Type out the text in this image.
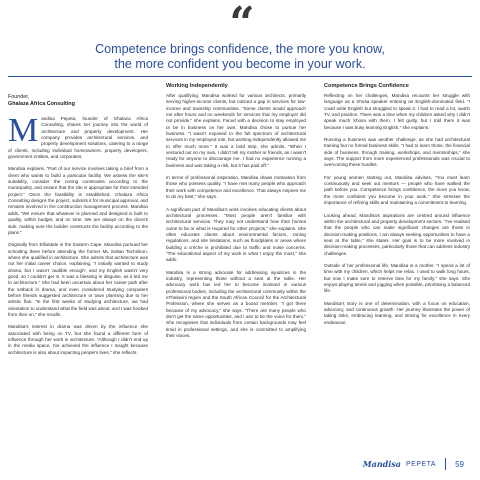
“
Competence brings confidence, the more you know,
the more confident you become in your work.
Founder,
Ghalaza Africa Consulting

Mandisa Pepeta, founder of Ghalaza Africa Consulting, shares her journey into the world of architecture and property development. Her company provides architectural services, and property development solutions, catering to a range of clients, including individual homeowners, property developers, government entities, and corporates.

Mandisa explains, "Part of our service involves taking a brief from a client who wants to build a particular facility. We assess the site's suitability, consider the zoning constraints according to the municipality, and ensure that the site is appropriate for their intended project." Once the feasibility is established, Ghalaza Africa Consulting designs the project, submits it for municipal approval, and remains involved in the construction management process. Mandisa adds, "We ensure that whatever is planned and designed is built to quality, within budget, and on time. We are always on the client's side, making sure the builder constructs the facility according to the plans."

Originally from Elliotdale in the Eastern Cape, Mandisa pursued her schooling there before attending the former ML Sultan Technikon, where she qualified in architecture. She admits that architecture was not her initial career choice, explaining, "I initially wanted to study drama, but I wasn't 'audible enough', and my English wasn't very good, so I couldn't get in. It was a blessing in disguise, as it led me to architecture." She had been uncertain about her career path after the setback in drama, and even considered studying computers before friends suggested architecture or town planning due to her artistic flair. "In the first weeks of studying architecture, we had orientation to understand what the field was about, and I was hooked from then on," she recalls.

Mandisa's interest in drama was driven by the influence she associated with being on TV, but she found a different form of influence through her work in architecture. "Although I didn't end up in the media space, I've achieved the influence I sought because architecture is also about impacting people's lives," she reflects.

Working Independently

After qualifying, Mandisa worked for various architects, primarily serving higher-income clients, but noticed a gap in services for low-income and township communities. "Some clients would approach me after hours and on weekends for services that my employer did not provide," she explains. Faced with a decision to stay employed or be in business on her own, Mandisa chose to pursue her business. "I wasn't exposed to the full spectrum of architectural services in my employed role, but working independently allowed me to offer much more." It was a bold step, she admits. "When I ventured out on my own, I didn't tell my mother or friends, as I wasn't ready for anyone to discourage me. I had no experience running a business and was taking a risk, but it has paid off."

In terms of professional inspiration, Mandisa draws motivation from those who possess quality. "I have met many people who approach their work with competence and excellence. That always inspires me to do my best," she says.

A significant part of Mandisa's work involves educating clients about architectural processes. "Most people aren't familiar with architectural services. They may not understand how their homes came to be or what is required for other projects," she explains. She often educates clients about environmental factors, zoning regulations, and site limitations, such as floodplains or areas where building a crèche is prohibited due to traffic and noise concerns. "The educational aspect of my work is what I enjoy the most," she adds.

Mandisa is a strong advocate for addressing injustices in the industry, representing those without a seat at the table. Her advocacy work has led her to become involved in various professional bodies, including the architectural community within the eThekwini region and the South African Council for the Architectural Profession, where she serves as a board member. "I got there because of my advocacy," she says. "There are many people who don't get the same opportunities, and I aim to be the voice for them." She recognises that individuals from certain backgrounds may feel timid in professional settings, and she is committed to amplifying their voices.

Competence Brings Confidence

Reflecting on her challenges, Mandisa recounts her struggle with language as a Xhosa speaker entering an English-dominated field. "I could write English but struggled to speak it. I had to read a lot, watch TV, and practice. There was a time when my children asked why I didn't speak much Xhosa with them. I felt guilty, but I told them it was because I was busy learning English," she explains.

Running a business was another challenge, as she had architectural training but no formal business skills. "I had to learn those, the financial side of business, through training, workshops, and mentorships," she says. The support from more experienced professionals was crucial to overcoming these hurdles.

For young women starting out, Mandisa advises, "You must learn continuously and seek out mentors — people who have walked the path before you. Competence brings confidence, the more you know, the more confident you become in your work." She stresses the importance of refining skills and maintaining a commitment to learning.

Looking ahead, Mandisa's aspirations are centred around influence within the architectural and property development sectors. "I've realised that the people who can make significant changes are those in decision-making positions. I am always seeking opportunities to have a seat at the table," she states. Her goal is to be more involved in decision-making processes, particularly those that can address industry challenges.

Outside of her professional life, Mandisa is a mother. "I spend a lot of time with my children, which helps me relax. I used to walk long hours, but now I make sure to reserve time for my family," she says. She enjoys playing tennis and jogging when possible, prioritising a balanced life.

Mandisa's story is one of determination, with a focus on education, advocacy, and continuous growth. Her journey illustrates the power of taking risks, embracing learning, and striving for excellence in every endeavour.

Mandisa PEPETA 59
